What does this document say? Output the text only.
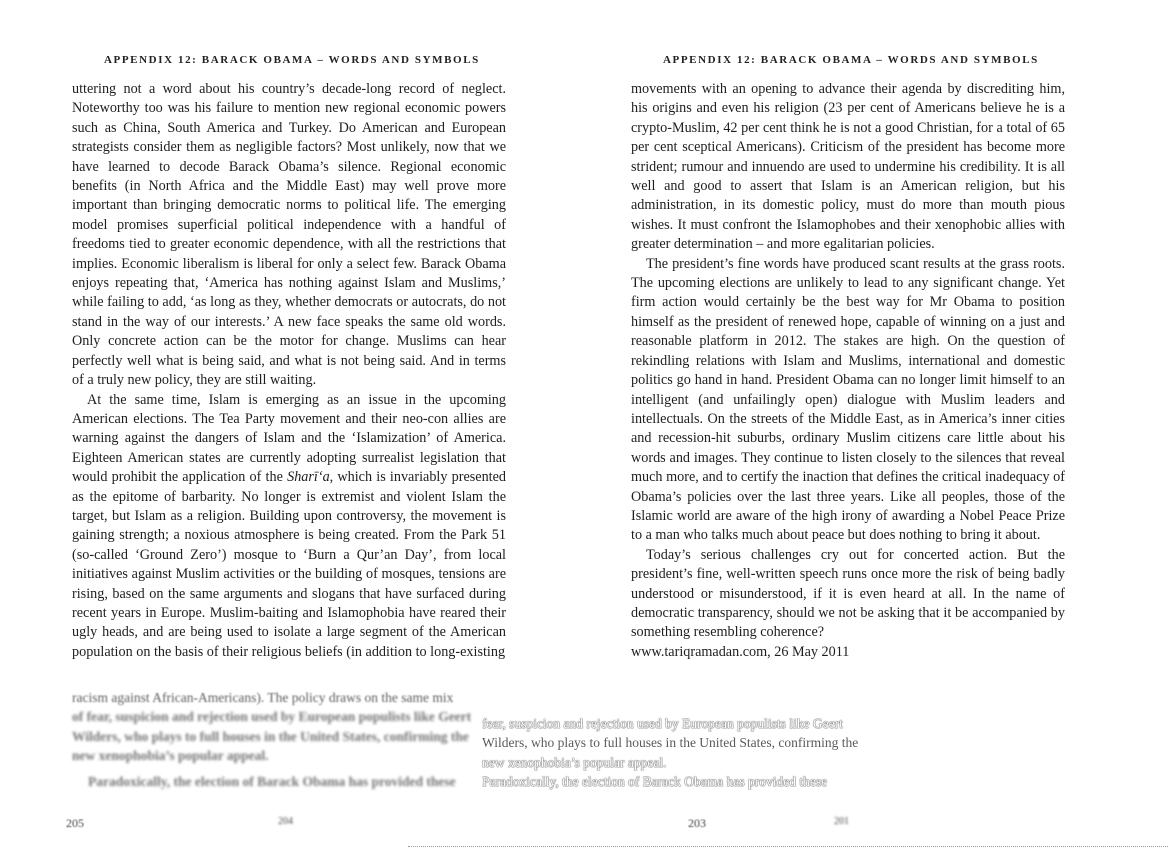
APPENDIX 12: BARACK OBAMA – WORDS AND SYMBOLS

uttering not a word about his country’s decade-long record of neglect. Noteworthy too was his failure to mention new regional economic powers such as China, South America and Turkey. Do American and European strategists consider them as negligible factors? Most unlikely, now that we have learned to decode Barack Obama’s silence. Regional economic benefits (in North Africa and the Middle East) may well prove more important than bringing democratic norms to political life. The emerging model promises superficial political independence with a handful of freedoms tied to greater economic dependence, with all the restrictions that implies. Economic liberalism is liberal for only a select few. Barack Obama enjoys repeating that, ‘America has nothing against Islam and Muslims,’ while failing to add, ‘as long as they, whether democrats or autocrats, do not stand in the way of our interests.’ A new face speaks the same old words. Only concrete action can be the motor for change. Muslims can hear perfectly well what is being said, and what is not being said. And in terms of a truly new policy, they are still waiting.

At the same time, Islam is emerging as an issue in the upcoming American elections. The Tea Party movement and their neo-con allies are warning against the dangers of Islam and the ‘Islamization’ of America. Eighteen American states are currently adopting surrealist legislation that would prohibit the application of the Sharī‘a, which is invariably presented as the epitome of barbarity. No longer is extremist and violent Islam the target, but Islam as a religion. Building upon controversy, the movement is gaining strength; a noxious atmosphere is being created. From the Park 51 (so-called ‘Ground Zero’) mosque to ‘Burn a Qur’an Day’, from local initiatives against Muslim activities or the building of mosques, tensions are rising, based on the same arguments and slogans that have surfaced during recent years in Europe. Muslim-baiting and Islamophobia have reared their ugly heads, and are being used to isolate a large segment of the American population on the basis of their religious beliefs (in addition to long-existing

racism against African-Americans). The policy draws on the same mix
of fear, suspicion and rejection used by European populists like Geert
Wilders, who plays to full houses in the United States, confirming the
new xenophobia’s popular appeal.
Paradoxically, the election of Barack Obama has provided these
205	204
APPENDIX 12: BARACK OBAMA – WORDS AND SYMBOLS

movements with an opening to advance their agenda by discrediting him, his origins and even his religion (23 per cent of Americans believe he is a crypto-Muslim, 42 per cent think he is not a good Christian, for a total of 65 per cent sceptical Americans). Criticism of the president has become more strident; rumour and innuendo are used to undermine his credibility. It is all well and good to assert that Islam is an American religion, but his administration, in its domestic policy, must do more than mouth pious wishes. It must confront the Islamophobes and their xenophobic allies with greater determination – and more egalitarian policies.

The president’s fine words have produced scant results at the grass roots. The upcoming elections are unlikely to lead to any significant change. Yet firm action would certainly be the best way for Mr Obama to position himself as the president of renewed hope, capable of winning on a just and reasonable platform in 2012. The stakes are high. On the question of rekindling relations with Islam and Muslims, international and domestic politics go hand in hand. President Obama can no longer limit himself to an intelligent (and unfailingly open) dialogue with Muslim leaders and intellectuals. On the streets of the Middle East, as in America’s inner cities and recession-hit suburbs, ordinary Muslim citizens care little about his words and images. They continue to listen closely to the silences that reveal much more, and to certify the inaction that defines the critical inadequacy of Obama’s policies over the last three years. Like all peoples, those of the Islamic world are aware of the high irony of awarding a Nobel Peace Prize to a man who talks much about peace but does nothing to bring it about.

Today’s serious challenges cry out for concerted action. But the president’s fine, well-written speech runs once more the risk of being badly understood or misunderstood, if it is even heard at all. In the name of democratic transparency, should we not be asking that it be accompanied by something resembling coherence?

www.tariqramadan.com, 26 May 2011

203	201
fear, suspicion and rejection used by European populists like Geert
Wilders, who plays to full houses in the United States, confirming the
new xenophobia’s popular appeal.
Paradoxically, the election of Barack Obama has provided these
